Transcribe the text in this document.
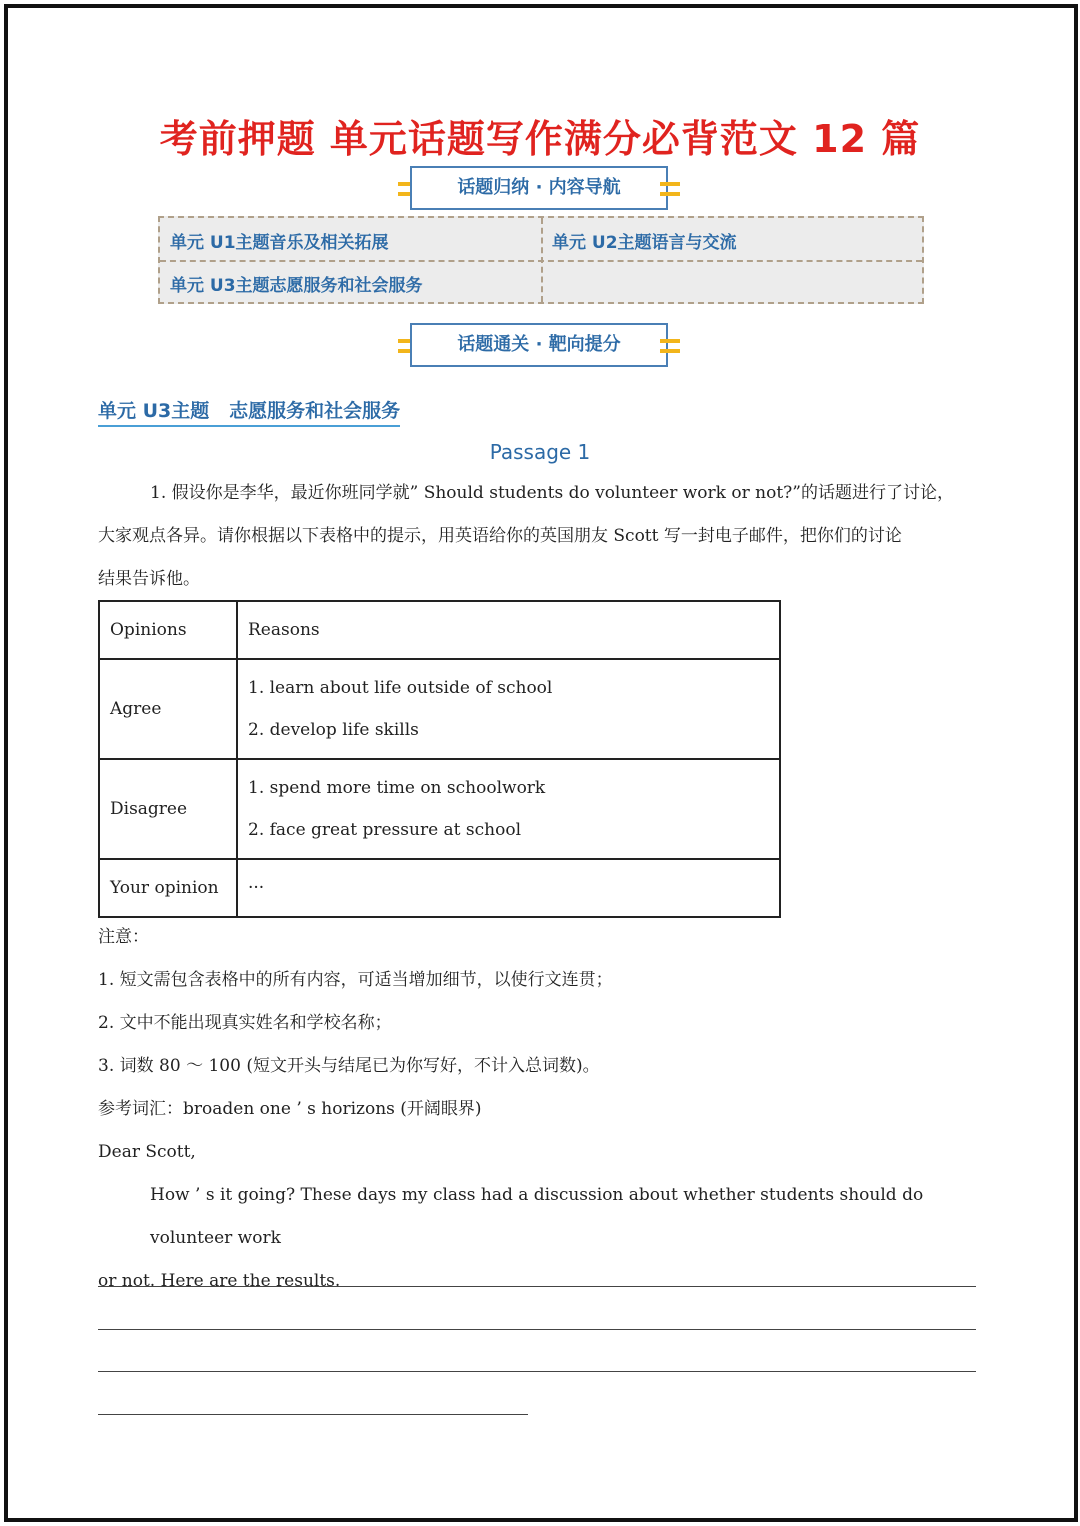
考前押题 单元话题写作满分必背范文 12 篇
话题归纳 · 内容导航
单元 U1主题音乐及相关拓展	单元 U2主题语言与交流
单元 U3主题志愿服务和社会服务
话题通关 · 靶向提分
单元 U3主题   志愿服务和社会服务
Passage 1
1. 假设你是李华，最近你班同学就” Should students do volunteer work or not?”的话题进行了讨论，
大家观点各异。请你根据以下表格中的提示，用英语给你的英国朋友 Scott 写一封电子邮件，把你们的讨论
结果告诉他。
Opinions	Reasons
Agree	1. learn about life outside of school
2. develop life skills

Disagree	1. spend more time on schoolwork
2. face great pressure at school

Your opinion	···
注意：
1. 短文需包含表格中的所有内容，可适当增加细节，以使行文连贯；
2. 文中不能出现真实姓名和学校名称；
3. 词数 80 ～ 100 (短文开头与结尾已为你写好，不计入总词数)。
参考词汇：broaden one ’ s horizons (开阔眼界)
Dear Scott,
How ’ s it going? These days my class had a discussion about whether students should do volunteer work
or not. Here are the results.
